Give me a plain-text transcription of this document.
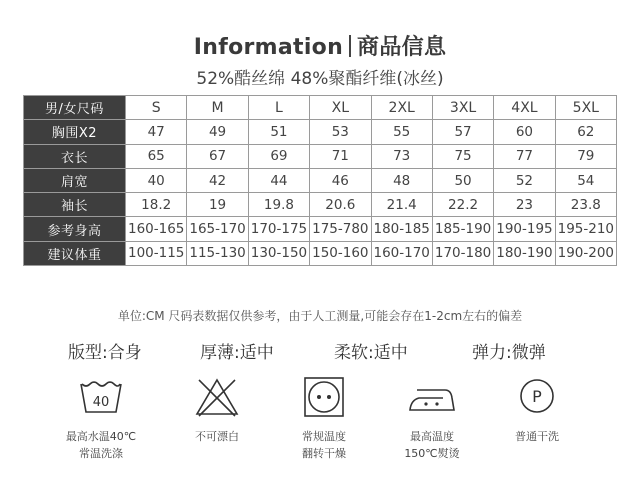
Information 商品信息
52%酷丝绵 48%聚酯纤维(冰丝)
男/女尺码	S	M	L	XL	2XL	3XL	4XL	5XL
胸围X2	47	49	51	53	55	57	60	62
衣长	65	67	69	71	73	75	77	79
肩宽	40	42	44	46	48	50	52	54
袖长	18.2	19	19.8	20.6	21.4	22.2	23	23.8
参考身高	160-165	165-170	170-175	175-780	180-185	185-190	190-195	195-210
建议体重	100-115	115-130	130-150	150-160	160-170	170-180	180-190	190-200
单位:CM 尺码表数据仅供参考，由于人工测量,可能会存在1-2cm左右的偏差
版型:合身	厚薄:适中	柔软:适中	弹力:微弹
40
最高水温40℃
常温洗涤
不可漂白	常规温度
翻转干燥
最高温度
150℃熨烫
P
普通干洗
